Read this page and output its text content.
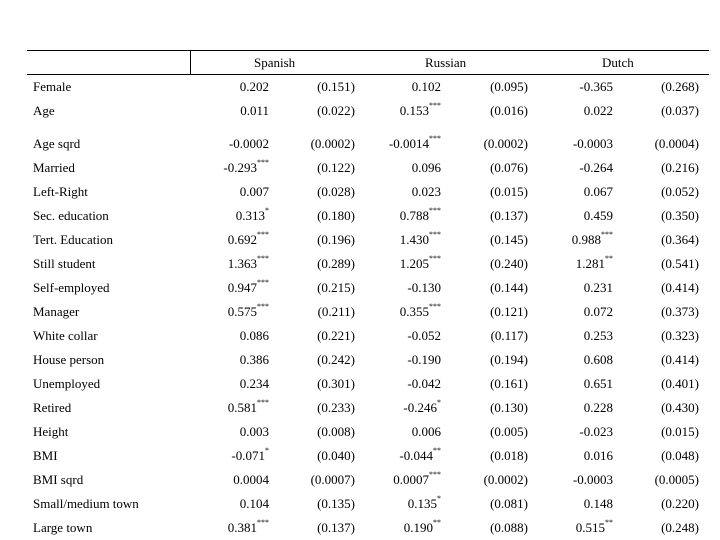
Spanish	Russian	Dutch
Female	0.202	(0.151)	0.102	(0.095)	-0.365	(0.268)
Age	0.011	(0.022)	0.153***	(0.016)	0.022	(0.037)
Age sqrd	-0.0002	(0.0002)	-0.0014***	(0.0002)	-0.0003	(0.0004)
Married	-0.293***	(0.122)	0.096	(0.076)	-0.264	(0.216)
Left-Right	0.007	(0.028)	0.023	(0.015)	0.067	(0.052)
Sec. education	0.313*	(0.180)	0.788***	(0.137)	0.459	(0.350)
Tert. Education	0.692***	(0.196)	1.430***	(0.145)	0.988***	(0.364)
Still student	1.363***	(0.289)	1.205***	(0.240)	1.281**	(0.541)
Self-employed	0.947***	(0.215)	-0.130	(0.144)	0.231	(0.414)
Manager	0.575***	(0.211)	0.355***	(0.121)	0.072	(0.373)
White collar	0.086	(0.221)	-0.052	(0.117)	0.253	(0.323)
House person	0.386	(0.242)	-0.190	(0.194)	0.608	(0.414)
Unemployed	0.234	(0.301)	-0.042	(0.161)	0.651	(0.401)
Retired	0.581***	(0.233)	-0.246*	(0.130)	0.228	(0.430)
Height	0.003	(0.008)	0.006	(0.005)	-0.023	(0.015)
BMI	-0.071*	(0.040)	-0.044**	(0.018)	0.016	(0.048)
BMI sqrd	0.0004	(0.0007)	0.0007***	(0.0002)	-0.0003	(0.0005)
Small/medium town	0.104	(0.135)	0.135*	(0.081)	0.148	(0.220)
Large town	0.381***	(0.137)	0.190**	(0.088)	0.515**	(0.248)
